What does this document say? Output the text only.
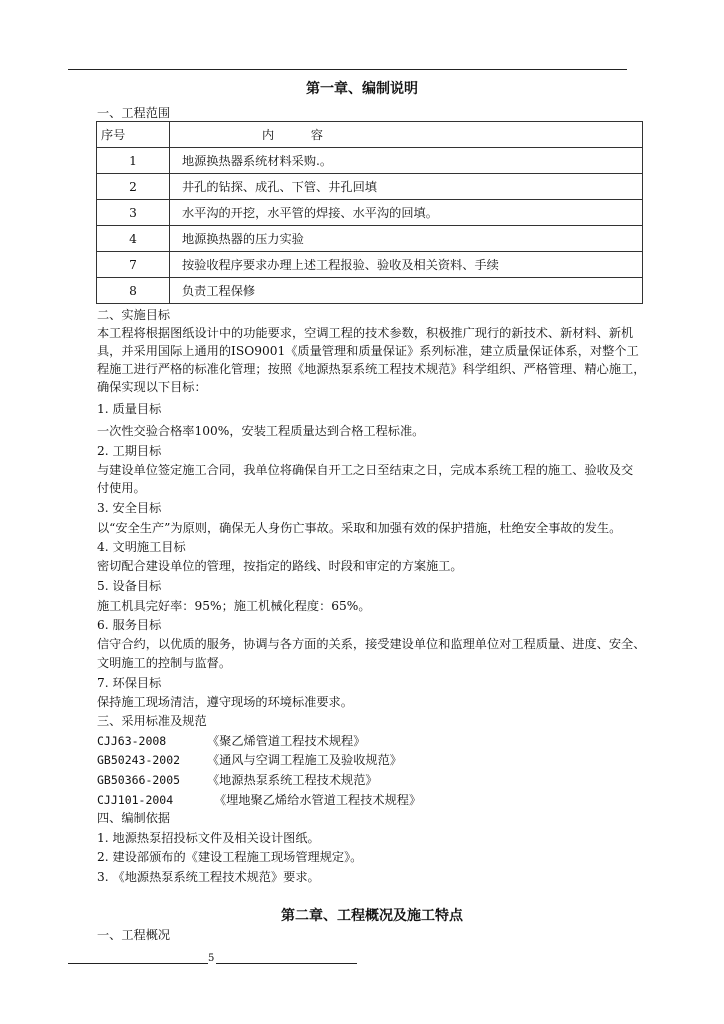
第一章、编制说明
一、工程范围
序号	内　　　容
1	地源换热器系统材料采购.。
2	井孔的钻探、成孔、下管、井孔回填
3	水平沟的开挖，水平管的焊接、水平沟的回填。
4	地源换热器的压力实验
7	按验收程序要求办理上述工程报验、验收及相关资料、手续
8	负责工程保修
二、实施目标
本工程将根据图纸设计中的功能要求，空调工程的技术参数，积极推广现行的新技术、新材料、新机
具，并采用国际上通用的ISO9001《质量管理和质量保证》系列标准，建立质量保证体系，对整个工
程施工进行严格的标准化管理；按照《地源热泵系统工程技术规范》科学组织、严格管理、精心施工，
确保实现以下目标：
1. 质量目标
一次性交验合格率100%，安装工程质量达到合格工程标准。
2. 工期目标
与建设单位签定施工合同，我单位将确保自开工之日至结束之日，完成本系统工程的施工、验收及交
付使用。
3. 安全目标
以“安全生产”为原则，确保无人身伤亡事故。采取和加强有效的保护措施，杜绝安全事故的发生。
4. 文明施工目标
密切配合建设单位的管理，按指定的路线、时段和审定的方案施工。
5. 设备目标
施工机具完好率：95%；施工机械化程度：65%。
6. 服务目标
信守合约，以优质的服务，协调与各方面的关系，接受建设单位和监理单位对工程质量、进度、安全、
文明施工的控制与监督。
7. 环保目标
保持施工现场清洁，遵守现场的环境标准要求。
三、采用标准及规范
CJJ63-2008	《聚乙烯管道工程技术规程》
GB50243-2002 《通风与空调工程施工及验收规范》
GB50366-2005 《地源热泵系统工程技术规范》
CJJ101-2004	《埋地聚乙烯给水管道工程技术规程》
四、编制依据
1. 地源热泵招投标文件及相关设计图纸。
2. 建设部颁布的《建设工程施工现场管理规定》。
3. 《地源热泵系统工程技术规范》要求。
第二章、工程概况及施工特点
一、工程概况
5
